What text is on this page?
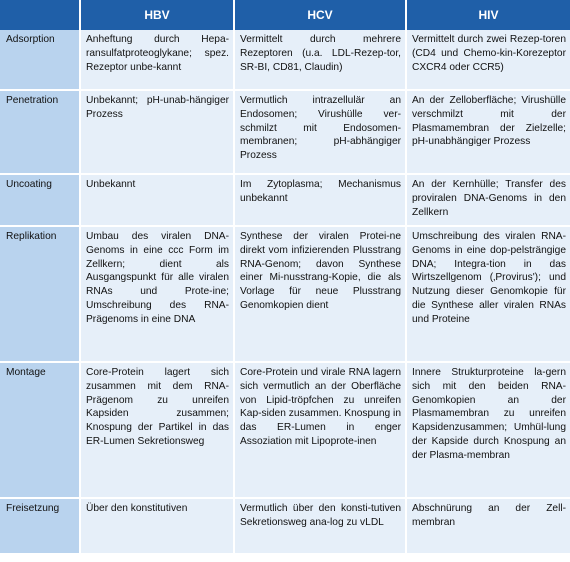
	HBV	HCV	HIV
Adsorption	Anheftung durch Hepa-ransulfatproteoglykane; spez. Rezeptor unbe-kannt	Vermittelt durch mehrere Rezeptoren (u.a. LDL-Rezep-tor, SR-BI, CD81, Claudin)	Vermittelt durch zwei Rezep-toren (CD4 und Chemo-kin-Korezeptor CXCR4 oder CCR5)
Penetration	Unbekannt; pH-unab-hängiger Prozess	Vermutlich intrazellulär an Endosomen; Virushülle ver-schmilzt mit Endosomen-membranen; pH-abhängiger Prozess	An der Zelloberfläche; Virushülle verschmilzt mit der Plasmamembran der Zielzelle; pH-unabhängiger Prozess
Uncoating	Unbekannt	Im Zytoplasma; Mechanismus unbekannt	An der Kernhülle; Transfer des proviralen DNA-Genoms in den Zellkern
Replikation	Umbau des viralen DNA-Genoms in eine ccc Form im Zellkern; dient als Ausgangspunkt für alle viralen RNAs und Prote-ine; Umschreibung des RNA-Prägenoms in eine DNA	Synthese der viralen Protei-ne direkt vom infizierenden Plusstrang RNA-Genom; davon Synthese einer Mi-nusstrang-Kopie, die als Vorlage für neue Plusstrang Genomkopien dient	Umschreibung des viralen RNA-Genoms in eine dop-pelsträngige DNA; Integra-tion in das Wirtszellgenom (‚Provirus'); und Nutzung dieser Genomkopie für die Synthese aller viralen RNAs und Proteine
Montage	Core-Protein lagert sich zusammen mit dem RNA-Prägenom zu unreifen Kapsiden zusammen; Knospung der Partikel in das ER-Lumen Sekretionsweg	Core-Protein und virale RNA lagern sich vermutlich an der Oberfläche von Lipid-tröpfchen zu unreifen Kap-siden zusammen. Knospung in das ER-Lumen in enger Assoziation mit Lipoprote-inen	Innere Strukturproteine la-gern sich mit den beiden RNA-Genomkopien an der Plasmamembran zu unreifen Kapsidenzusammen; Umhül-lung der Kapside durch Knospung an der Plasma-membran
Freisetzung	Über den konstitutiven	Vermutlich über den konsti-tutiven Sekretionsweg ana-log zu vLDL	Abschnürung an der Zell-membran
